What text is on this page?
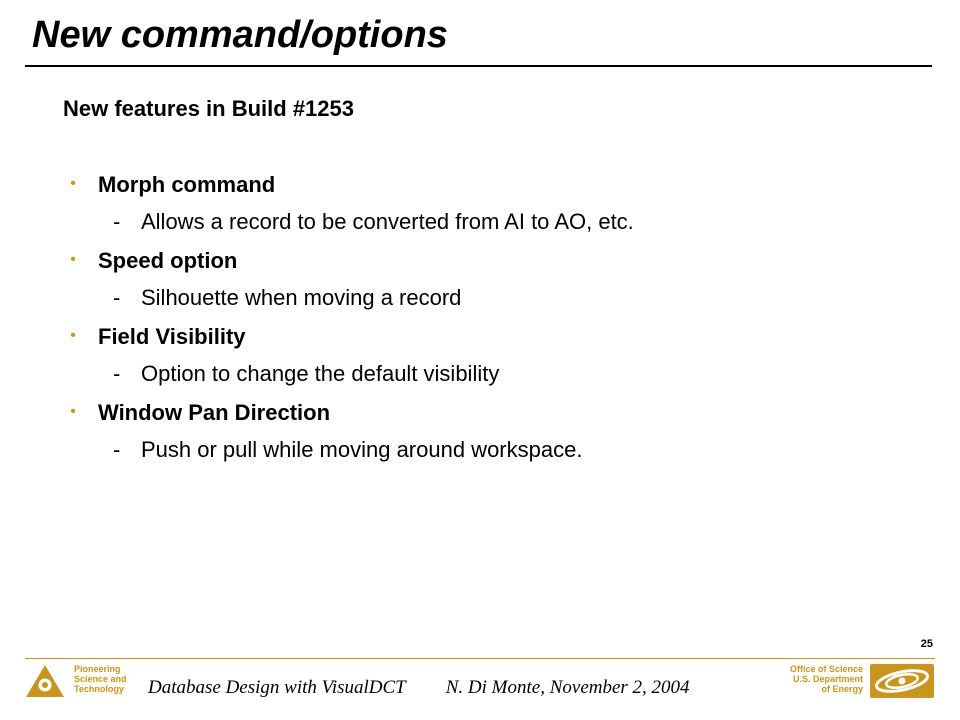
New command/options
New features in Build #1253
•	Morph command
- Allows a record to be converted from AI to AO, etc.
•	Speed option
- Silhouette when moving a record
•	Field Visibility
- Option to change the default visibility
•	Window Pan Direction
- Push or pull while moving around workspace.
25
Pioneering
Science and
Technology Database Design with VisualDCT N. Di Monte, November 2, 2004
Office of Science
U.S. Department
of Energy
